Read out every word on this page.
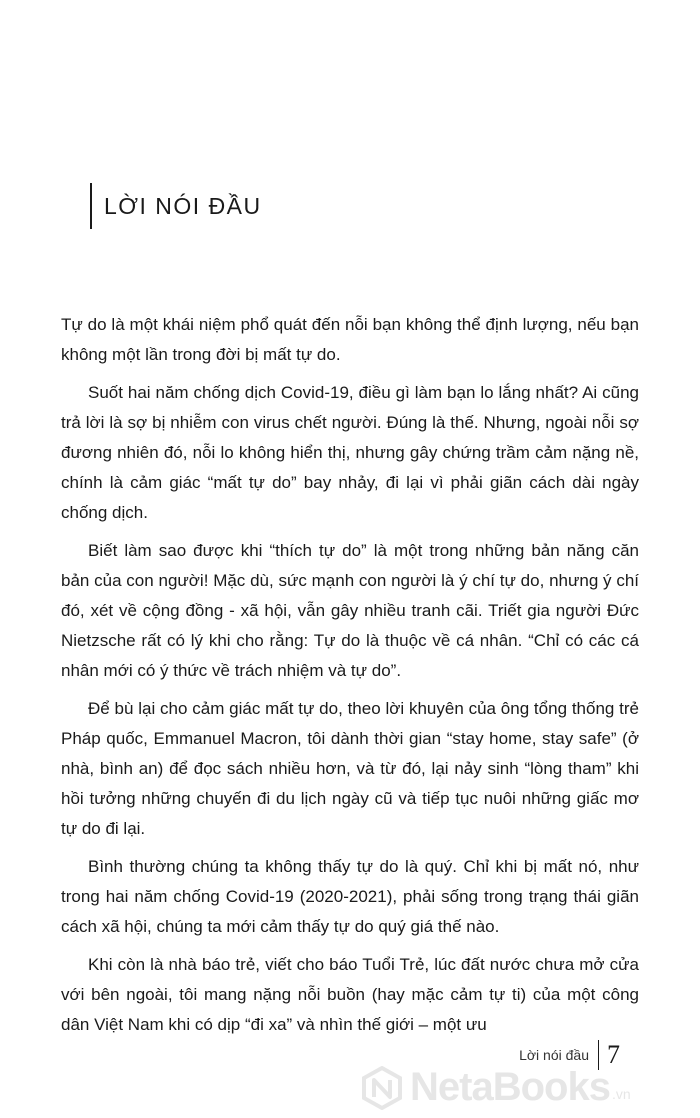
LỜI NÓI ĐẦU

Tự do là một khái niệm phổ quát đến nỗi bạn không thể định lượng, nếu bạn không một lần trong đời bị mất tự do.

Suốt hai năm chống dịch Covid-19, điều gì làm bạn lo lắng nhất? Ai cũng trả lời là sợ bị nhiễm con virus chết người. Đúng là thế. Nhưng, ngoài nỗi sợ đương nhiên đó, nỗi lo không hiển thị, nhưng gây chứng trầm cảm nặng nề, chính là cảm giác “mất tự do” bay nhảy, đi lại vì phải giãn cách dài ngày chống dịch.

Biết làm sao được khi “thích tự do” là một trong những bản năng căn bản của con người! Mặc dù, sức mạnh con người là ý chí tự do, nhưng ý chí đó, xét về cộng đồng - xã hội, vẫn gây nhiều tranh cãi. Triết gia người Đức Nietzsche rất có lý khi cho rằng: Tự do là thuộc về cá nhân. “Chỉ có các cá nhân mới có ý thức về trách nhiệm và tự do”.

Để bù lại cho cảm giác mất tự do, theo lời khuyên của ông tổng thống trẻ Pháp quốc, Emmanuel Macron, tôi dành thời gian “stay home, stay safe” (ở nhà, bình an) để đọc sách nhiều hơn, và từ đó, lại nảy sinh “lòng tham” khi hồi tưởng những chuyến đi du lịch ngày cũ và tiếp tục nuôi những giấc mơ tự do đi lại.

Bình thường chúng ta không thấy tự do là quý. Chỉ khi bị mất nó, như trong hai năm chống Covid-19 (2020-2021), phải sống trong trạng thái giãn cách xã hội, chúng ta mới cảm thấy tự do quý giá thế nào.

Khi còn là nhà báo trẻ, viết cho báo Tuổi Trẻ, lúc đất nước chưa mở cửa với bên ngoài, tôi mang nặng nỗi buồn (hay mặc cảm tự ti) của một công dân Việt Nam khi có dịp “đi xa” và nhìn thế giới – một ưu

Lời nói đầu 7
NetaBooks .vn
